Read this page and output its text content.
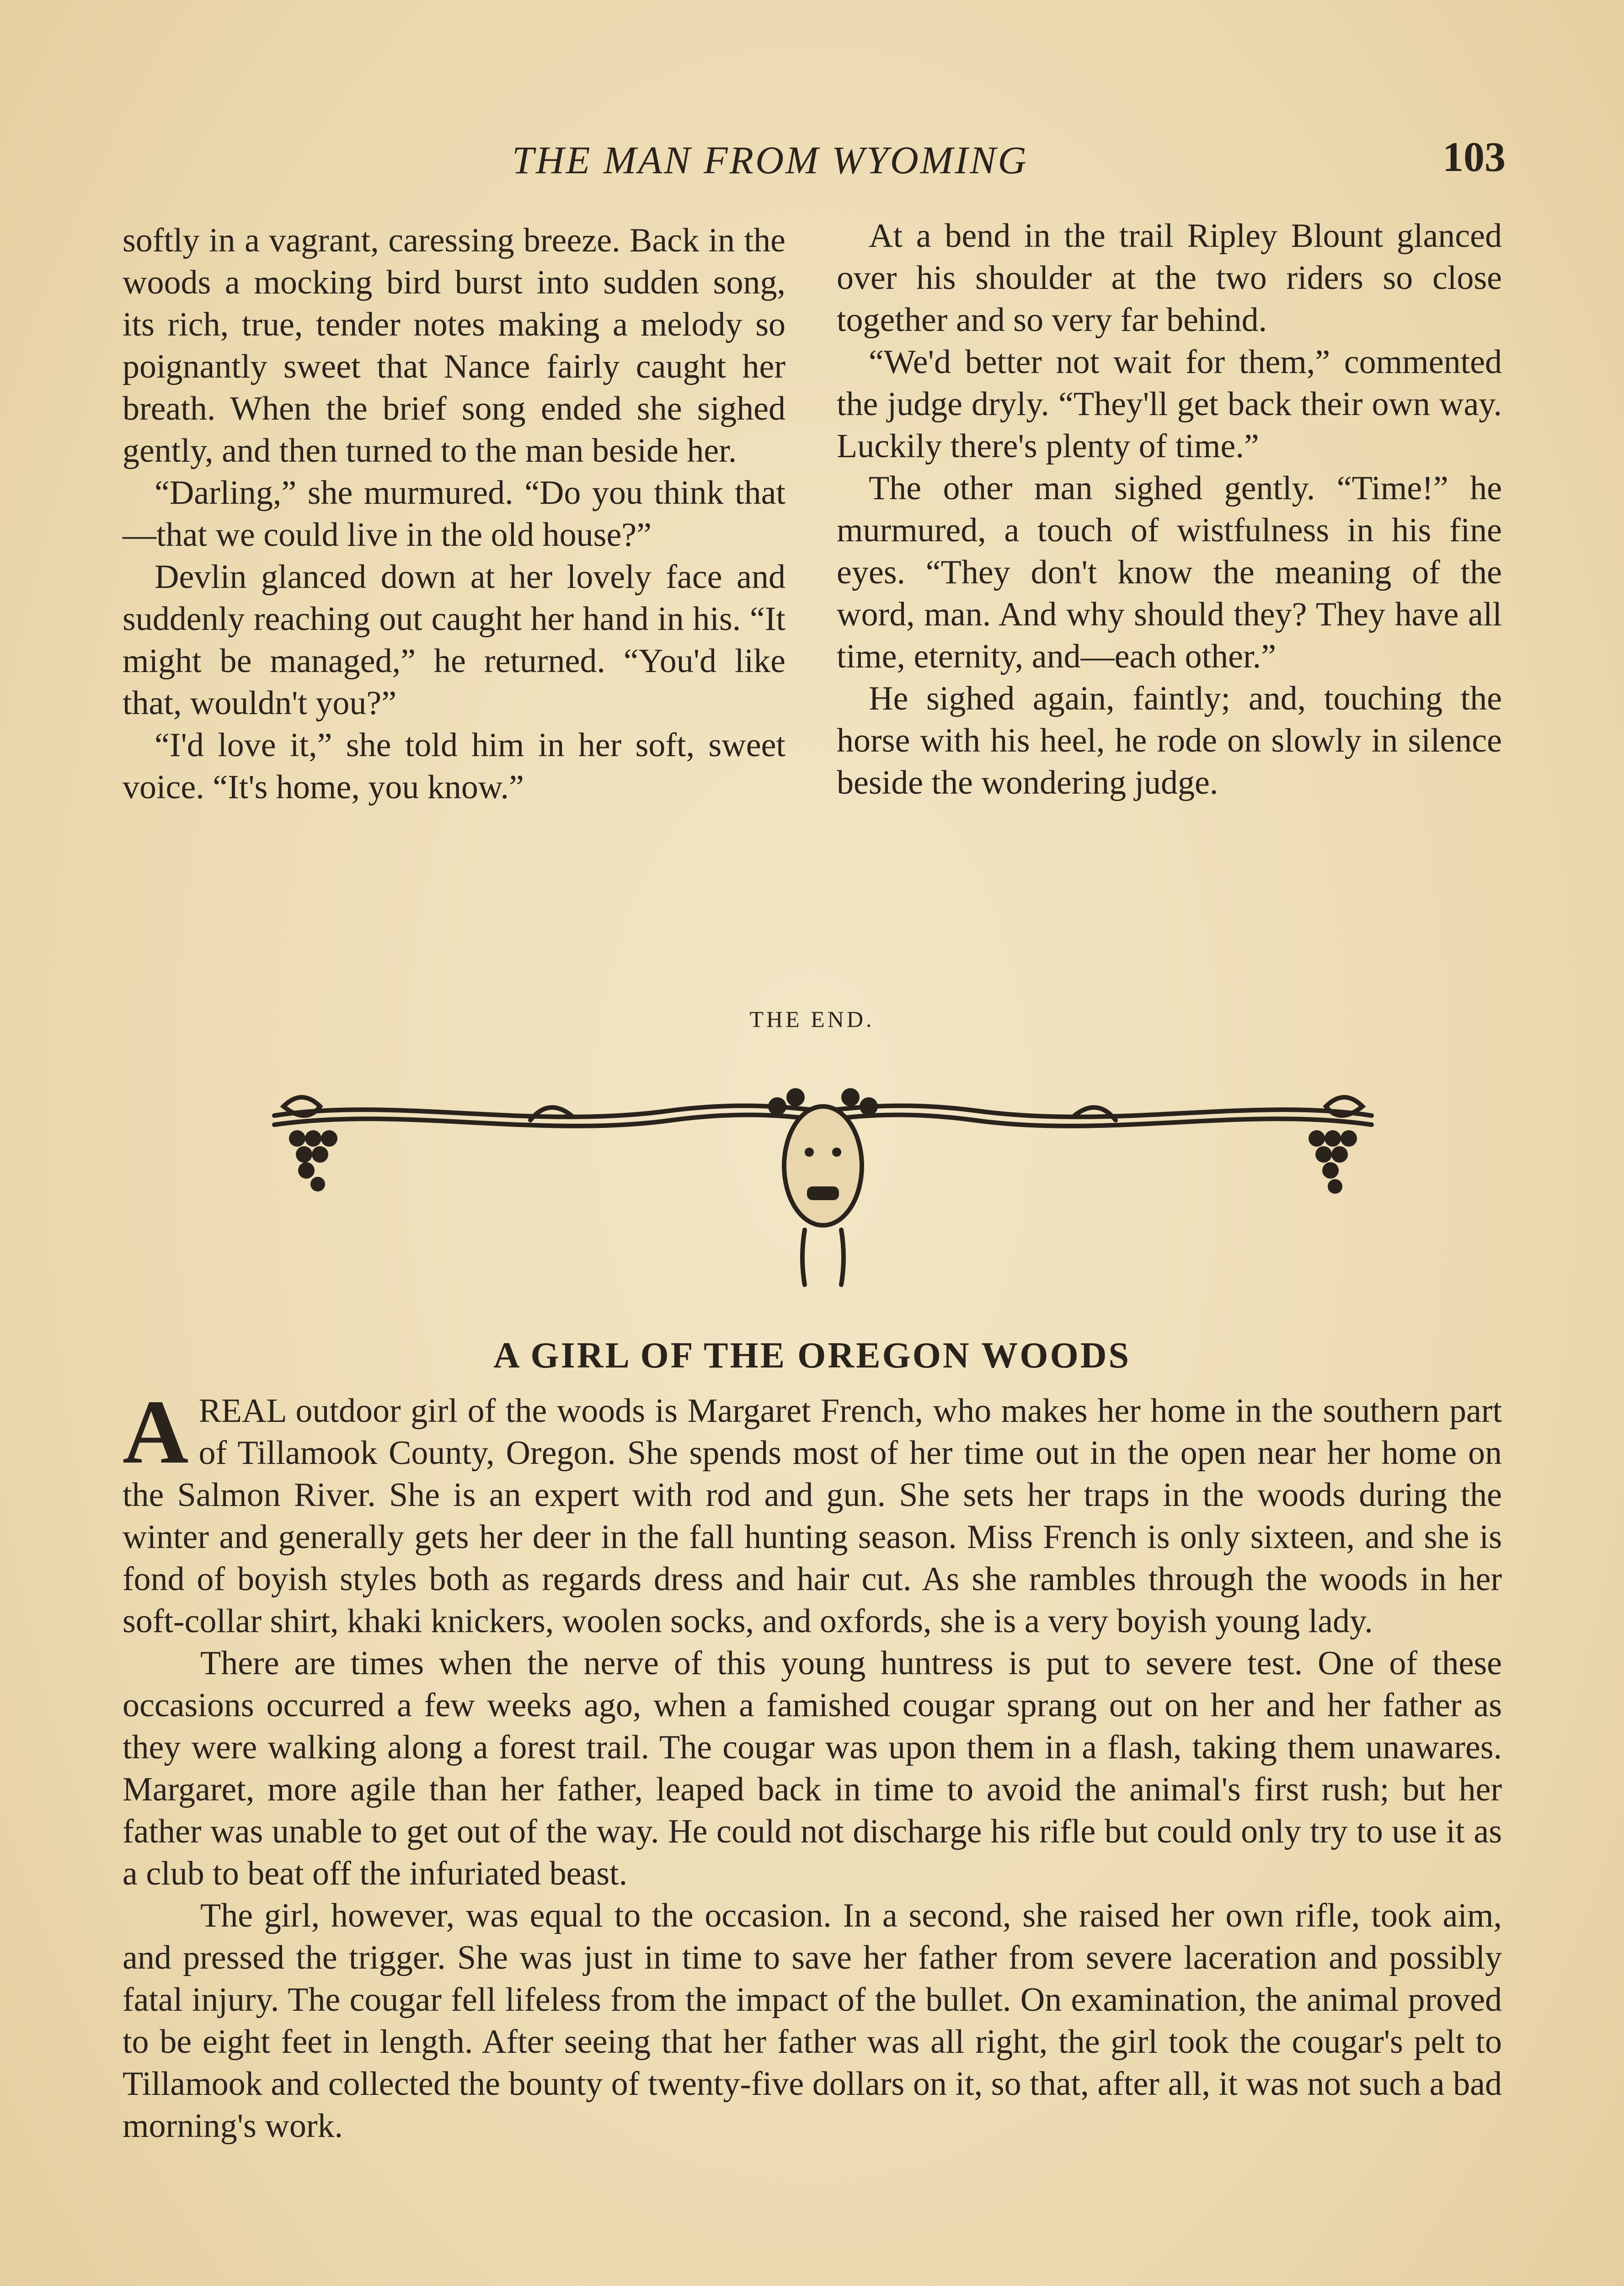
THE MAN FROM WYOMING	103

softly in a vagrant, caressing breeze. Back in the woods a mocking bird burst into sudden song, its rich, true, tender notes making a melody so poignantly sweet that Nance fairly caught her breath. When the brief song ended she sighed gently, and then turned to the man beside her.

“Darling,” she murmured. “Do you think that—that we could live in the old house?”

Devlin glanced down at her lovely face and suddenly reaching out caught her hand in his. “It might be managed,” he returned. “You'd like that, wouldn't you?”

“I'd love it,” she told him in her soft, sweet voice. “It's home, you know.”

At a bend in the trail Ripley Blount glanced over his shoulder at the two riders so close together and so very far behind.

“We'd better not wait for them,” commented the judge dryly. “They'll get back their own way. Luckily there's plenty of time.”

The other man sighed gently. “Time!” he murmured, a touch of wistfulness in his fine eyes. “They don't know the meaning of the word, man. And why should they? They have all time, eternity, and—each other.”

He sighed again, faintly; and, touching the horse with his heel, he rode on slowly in silence beside the wondering judge.

THE END.
A GIRL OF THE OREGON WOODS

AREAL outdoor girl of the woods is Margaret French, who makes her home in the southern part of Tillamook County, Oregon. She spends most of her time out in the open near her home on the Salmon River. She is an expert with rod and gun. She sets her traps in the woods during the winter and generally gets her deer in the fall hunting season. Miss French is only sixteen, and she is fond of boyish styles both as regards dress and hair cut. As she rambles through the woods in her soft-collar shirt, khaki knickers, woolen socks, and oxfords, she is a very boyish young lady.

There are times when the nerve of this young huntress is put to severe test. One of these occasions occurred a few weeks ago, when a famished cougar sprang out on her and her father as they were walking along a forest trail. The cougar was upon them in a flash, taking them unawares. Margaret, more agile than her father, leaped back in time to avoid the animal's first rush; but her father was unable to get out of the way. He could not discharge his rifle but could only try to use it as a club to beat off the infuriated beast.

The girl, however, was equal to the occasion. In a second, she raised her own rifle, took aim, and pressed the trigger. She was just in time to save her father from severe laceration and possibly fatal injury. The cougar fell lifeless from the impact of the bullet. On examination, the animal proved to be eight feet in length. After seeing that her father was all right, the girl took the cougar's pelt to Tillamook and collected the bounty of twenty-five dollars on it, so that, after all, it was not such a bad morning's work.
